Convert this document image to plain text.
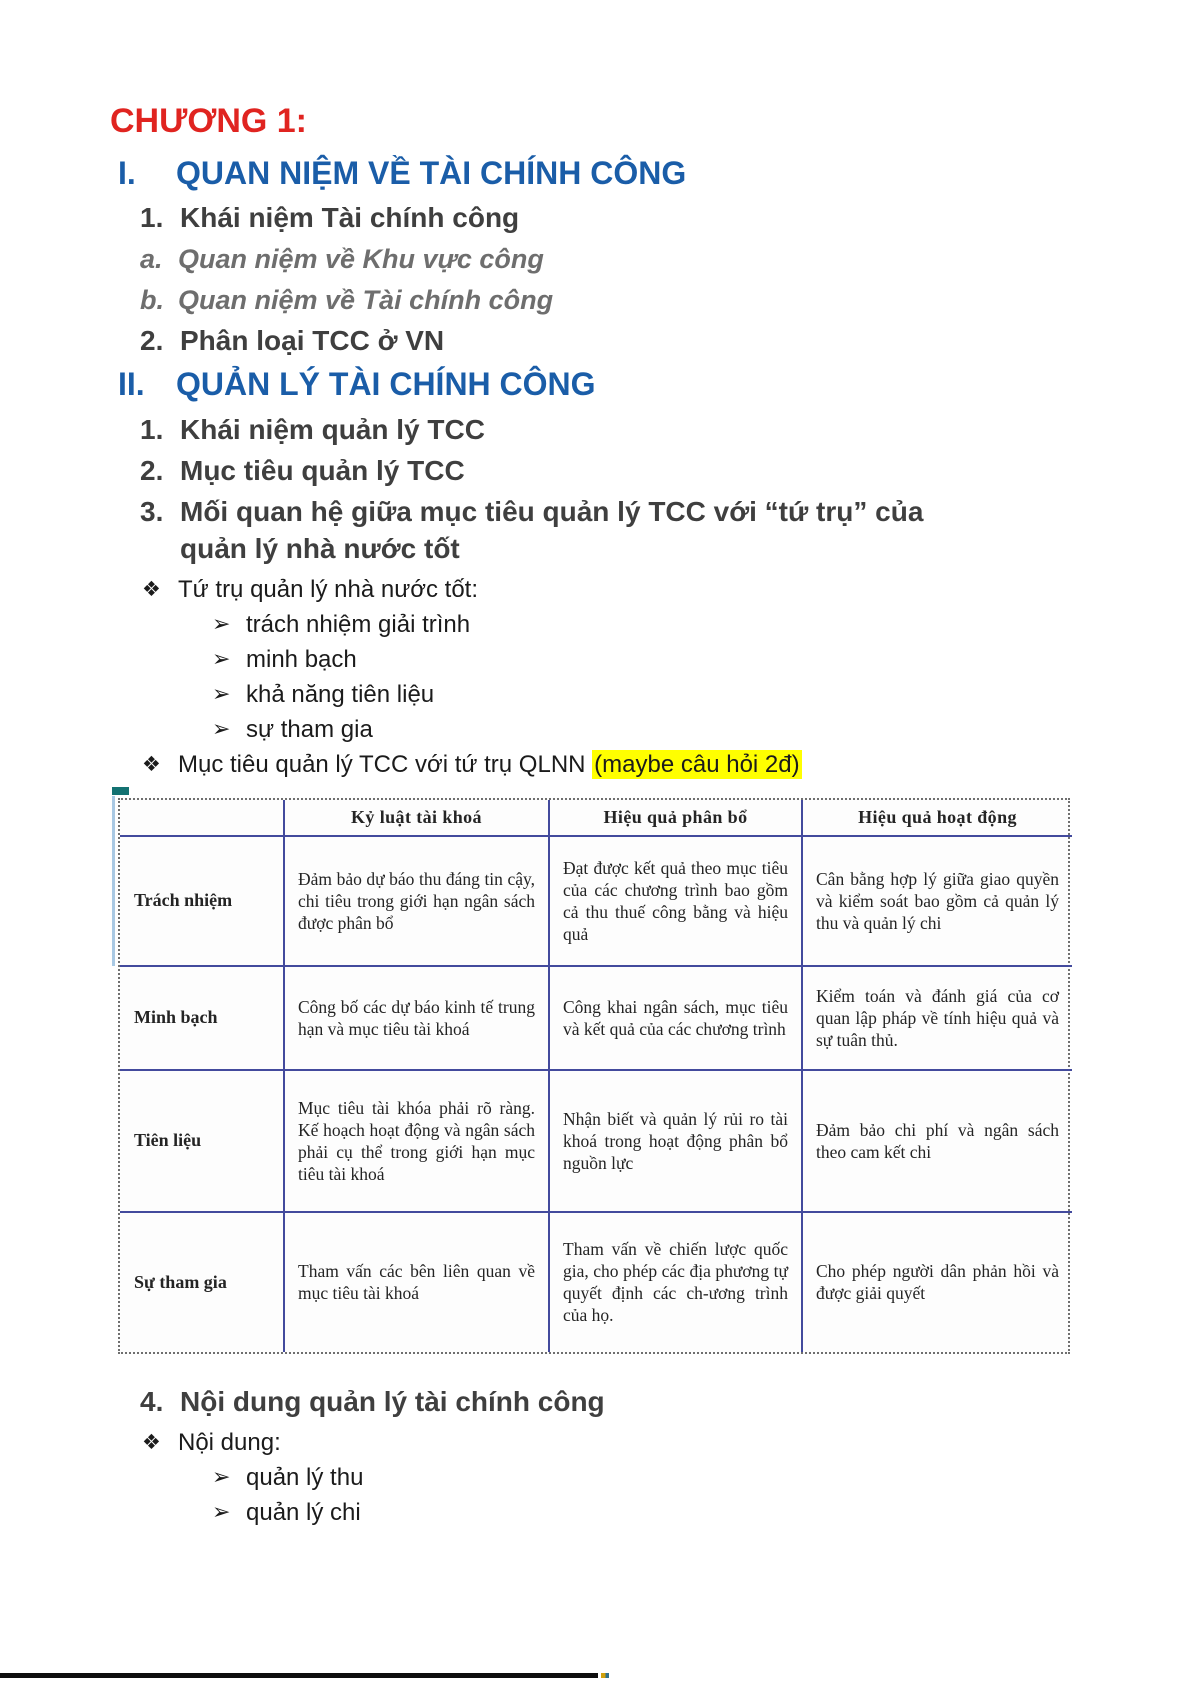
CHƯƠNG 1:
I.	QUAN NIỆM VỀ TÀI CHÍNH CÔNG
1. Khái niệm Tài chính công
a. Quan niệm về Khu vực công
b. Quan niệm về Tài chính công
2. Phân loại TCC ở VN
II. QUẢN LÝ TÀI CHÍNH CÔNG
1. Khái niệm quản lý TCC
2. Mục tiêu quản lý TCC
3. Mối quan hệ giữa mục tiêu quản lý TCC với “tứ trụ” của quản lý nhà nước tốt
❖ Tứ trụ quản lý nhà nước tốt:
➢ trách nhiệm giải trình
➢ minh bạch
➢ khả năng tiên liệu
➢ sự tham gia
❖ Mục tiêu quản lý TCC với tứ trụ QLNN (maybe câu hỏi 2đ)
	Kỷ luật tài khoá	Hiệu quả phân bổ	Hiệu quả hoạt động
Trách nhiệm	Đảm bảo dự báo thu đáng tin cậy, chi tiêu trong giới hạn ngân sách được phân bổ	Đạt được kết quả theo mục tiêu của các chương trình bao gồm cả thu thuế công bằng và hiệu quả	Cân bằng hợp lý giữa giao quyền và kiểm soát bao gồm cả quản lý thu và quản lý chi
Minh bạch	Công bố các dự báo kinh tế trung hạn và mục tiêu tài khoá	Công khai ngân sách, mục tiêu và kết quả của các chương trình	Kiểm toán và đánh giá của cơ quan lập pháp về tính hiệu quả và sự tuân thủ.
Tiên liệu	Mục tiêu tài khóa phải rõ ràng. Kế hoạch hoạt động và ngân sách phải cụ thể trong giới hạn mục tiêu tài khoá	Nhận biết và quản lý rủi ro tài khoá trong hoạt động phân bổ nguồn lực	Đảm bảo chi phí và ngân sách theo cam kết chi
Sự tham gia	Tham vấn các bên liên quan về mục tiêu tài khoá	Tham vấn về chiến lược quốc gia, cho phép các địa phương tự quyết định các ch-ương trình của họ.	Cho phép người dân phản hồi và được giải quyết
4. Nội dung quản lý tài chính công
❖ Nội dung:
➢ quản lý thu
➢ quản lý chi
